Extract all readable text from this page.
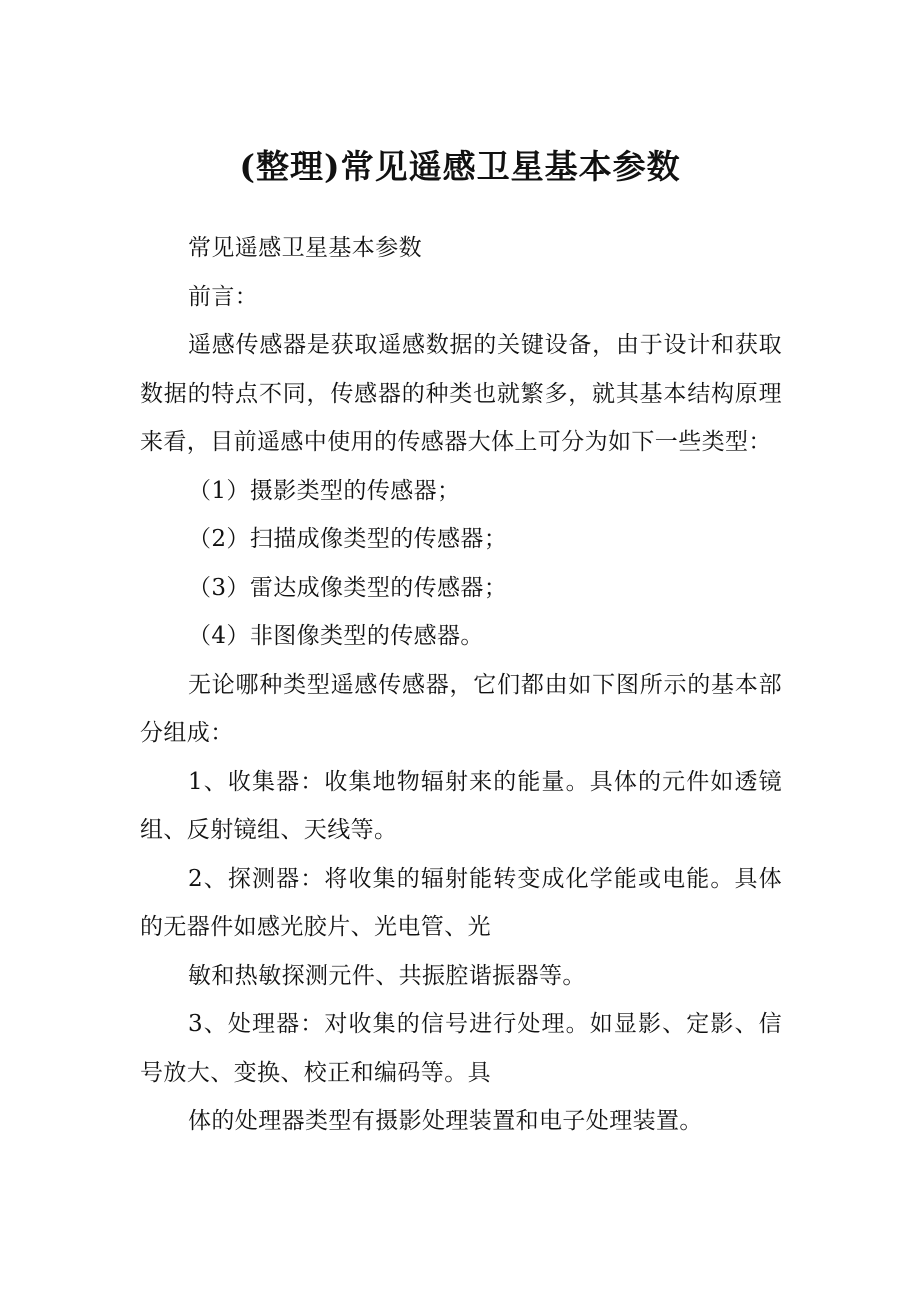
(整理)常见遥感卫星基本参数

常见遥感卫星基本参数

前言：

遥感传感器是获取遥感数据的关键设备，由于设计和获取数据的特点不同，传感器的种类也就繁多，就其基本结构原理来看，目前遥感中使用的传感器大体上可分为如下一些类型：

（1）摄影类型的传感器；

（2）扫描成像类型的传感器；

（3）雷达成像类型的传感器；

（4）非图像类型的传感器。

无论哪种类型遥感传感器，它们都由如下图所示的基本部分组成：

1、收集器：收集地物辐射来的能量。具体的元件如透镜组、反射镜组、天线等。

2、探测器：将收集的辐射能转变成化学能或电能。具体的无器件如感光胶片、光电管、光

敏和热敏探测元件、共振腔谐振器等。

3、处理器：对收集的信号进行处理。如显影、定影、信号放大、变换、校正和编码等。具

体的处理器类型有摄影处理装置和电子处理装置。
